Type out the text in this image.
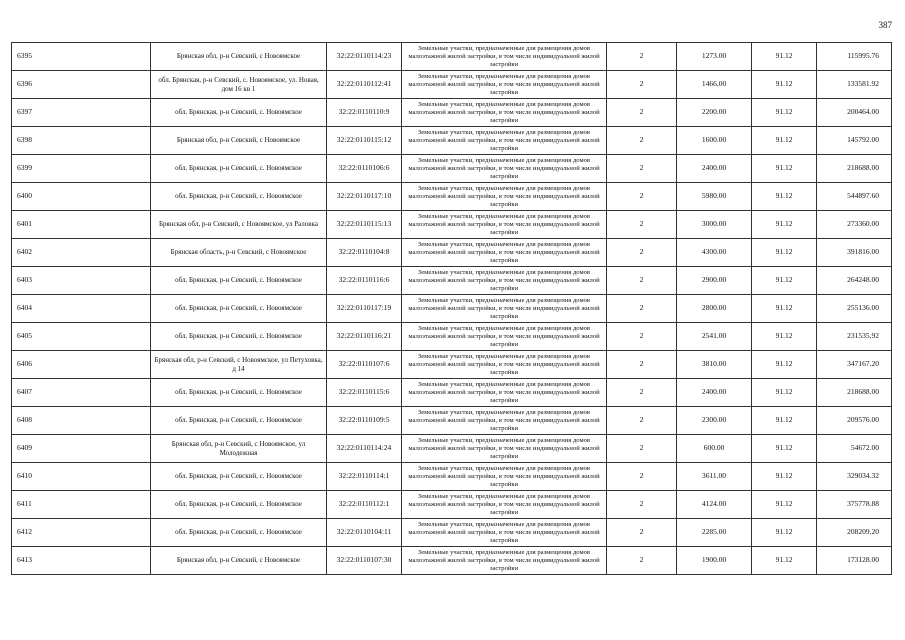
387
6395	Брянская обл, р-н Севский, с Новоямское	32:22:0110114:23	Земельные участки, предназначенные для размещения домов малоэтажной жилой застройки, в том числе индивидуальной жилой застройки	2	1273.00	91.12	115995.76
6396	обл. Брянская, р-н Севский, с. Новоямское, ул. Новая, дом 16 кв 1	32:22:0110112:41	Земельные участки, предназначенные для размещения домов малоэтажной жилой застройки, в том числе индивидуальной жилой застройки	2	1466.00	91.12	133581.92
6397	обл. Брянская, р-н Севский, с. Новоямское	32:22:0110110:9	Земельные участки, предназначенные для размещения домов малоэтажной жилой застройки, в том числе индивидуальной жилой застройки	2	2200.00	91.12	200464.00
6398	Брянская обл, р-н Севский, с Новоямское	32:22:0110115:12	Земельные участки, предназначенные для размещения домов малоэтажной жилой застройки, в том числе индивидуальной жилой застройки	2	1600.00	91.12	145792.00
6399	обл. Брянская, р-н Севский, с. Новоямское	32:22:0110106:6	Земельные участки, предназначенные для размещения домов малоэтажной жилой застройки, в том числе индивидуальной жилой застройки	2	2400.00	91.12	218688.00
6400	обл. Брянская, р-н Севский, с. Новоямское	32:22:0110117:10	Земельные участки, предназначенные для размещения домов малоэтажной жилой застройки, в том числе индивидуальной жилой застройки	2	5980.00	91.12	544897.60
6401	Брянская обл, р-н Севский, с Новоямское, ул Раловка	32:22:0110115:13	Земельные участки, предназначенные для размещения домов малоэтажной жилой застройки, в том числе индивидуальной жилой застройки	2	3000.00	91.12	273360.00
6402	Брянская область, р-н Севский, с Новоямское	32:22:0110104:8	Земельные участки, предназначенные для размещения домов малоэтажной жилой застройки, в том числе индивидуальной жилой застройки	2	4300.00	91.12	391816.00
6403	обл. Брянская, р-н Севский, с. Новоямское	32:22:0110116:6	Земельные участки, предназначенные для размещения домов малоэтажной жилой застройки, в том числе индивидуальной жилой застройки	2	2900.00	91.12	264248.00
6404	обл. Брянская, р-н Севский, с. Новоямское	32:22:0110117:19	Земельные участки, предназначенные для размещения домов малоэтажной жилой застройки, в том числе индивидуальной жилой застройки	2	2800.00	91.12	255136.00
6405	обл. Брянская, р-н Севский, с. Новоямское	32:22:0110116:21	Земельные участки, предназначенные для размещения домов малоэтажной жилой застройки, в том числе индивидуальной жилой застройки	2	2541.00	91.12	231535.92
6406	Брянская обл, р-н Севский, с Новоямское, ул Петуховка, д 14	32:22:0110107:6	Земельные участки, предназначенные для размещения домов малоэтажной жилой застройки, в том числе индивидуальной жилой застройки	2	3810.00	91.12	347167.20
6407	обл. Брянская, р-н Севский, с. Новоямское	32:22:0110115:6	Земельные участки, предназначенные для размещения домов малоэтажной жилой застройки, в том числе индивидуальной жилой застройки	2	2400.00	91.12	218688.00
6408	обл. Брянская, р-н Севский, с. Новоямское	32:22:0110109:5	Земельные участки, предназначенные для размещения домов малоэтажной жилой застройки, в том числе индивидуальной жилой застройки	2	2300.00	91.12	209576.00
6409	Брянская обл, р-н Севский, с Новоямское, ул Молодежная	32:22:0110114:24	Земельные участки, предназначенные для размещения домов малоэтажной жилой застройки, в том числе индивидуальной жилой застройки	2	600.00	91.12	54672.00
6410	обл. Брянская, р-н Севский, с. Новоямское	32:22:0110114:1	Земельные участки, предназначенные для размещения домов малоэтажной жилой застройки, в том числе индивидуальной жилой застройки	2	3611.00	91.12	329034.32
6411	обл. Брянская, р-н Севский, с. Новоямское	32:22:0110112:1	Земельные участки, предназначенные для размещения домов малоэтажной жилой застройки, в том числе индивидуальной жилой застройки	2	4124.00	91.12	375778.88
6412	обл. Брянская, р-н Севский, с. Новоямское	32:22:0110104:11	Земельные участки, предназначенные для размещения домов малоэтажной жилой застройки, в том числе индивидуальной жилой застройки	2	2285.00	91.12	208209.20
6413	Брянская обл, р-н Севский, с Новоямское	32:22:0110107:30	Земельные участки, предназначенные для размещения домов малоэтажной жилой застройки, в том числе индивидуальной жилой застройки	2	1900.00	91.12	173128.00
